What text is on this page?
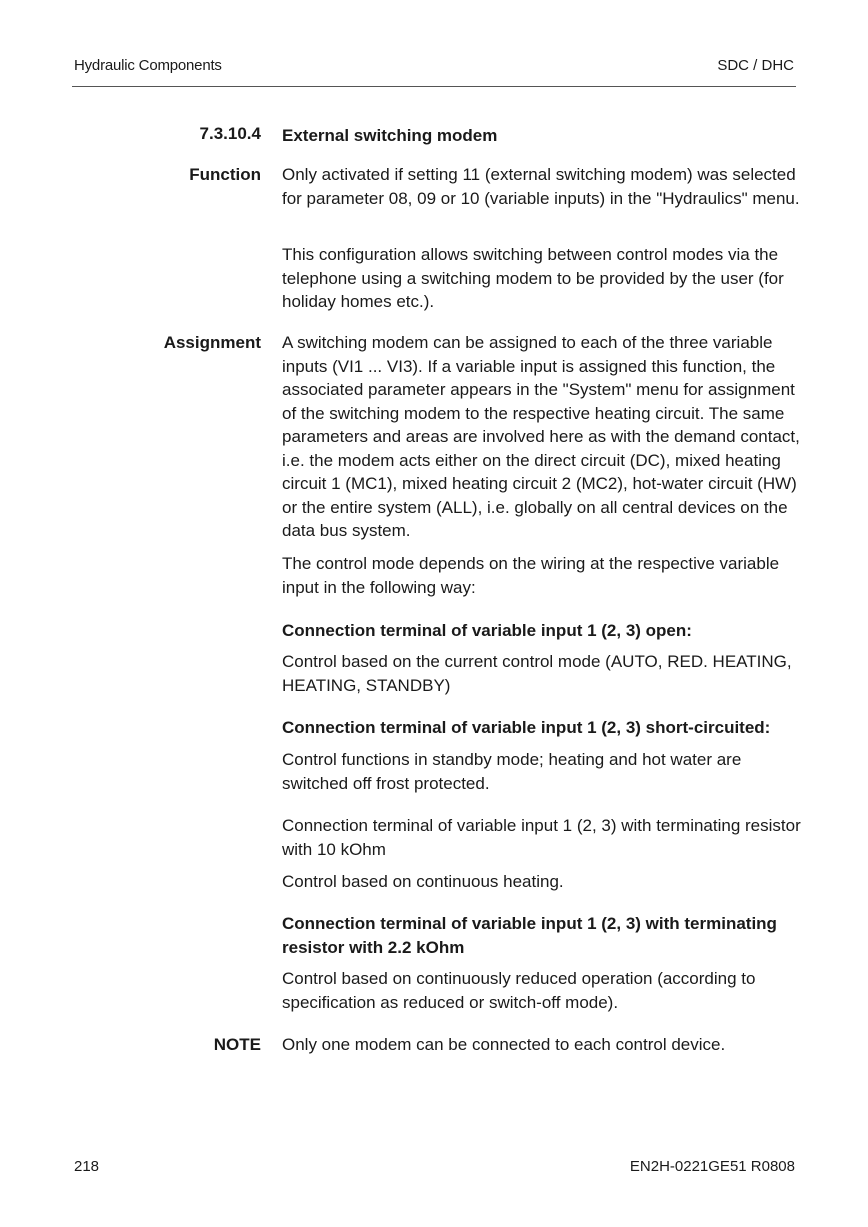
Hydraulic Components	SDC / DHC
7.3.10.4 External switching modem
Function Only activated if setting 11 (external switching modem) was selected for parameter 08, 09 or 10 (variable inputs) in the "Hydraulics" menu.
This configuration allows switching between control modes via the telephone using a switching modem to be provided by the user (for holiday homes etc.).
Assignment A switching modem can be assigned to each of the three variable inputs (VI1 ... VI3). If a variable input is assigned this function, the associated parameter appears in the "System" menu for assignment of the switching modem to the respective heating circuit. The same parameters and areas are involved here as with the demand contact, i.e. the modem acts either on the direct circuit (DC), mixed heating circuit 1 (MC1), mixed heating circuit 2 (MC2), hot-water circuit (HW) or the entire system (ALL), i.e. globally on all central devices on the data bus system.
The control mode depends on the wiring at the respective variable input in the following way:
Connection terminal of variable input 1 (2, 3) open:
Control based on the current control mode (AUTO, RED. HEATING, HEATING, STANDBY)
Connection terminal of variable input 1 (2, 3) short-circuited:
Control functions in standby mode; heating and hot water are switched off frost protected.
Connection terminal of variable input 1 (2, 3) with terminating resistor with 10 kOhm
Control based on continuous heating.
Connection terminal of variable input 1 (2, 3) with terminating resistor with 2.2 kOhm
Control based on continuously reduced operation (according to specification as reduced or switch-off mode).
NOTE Only one modem can be connected to each control device.
218	EN2H-0221GE51 R0808
